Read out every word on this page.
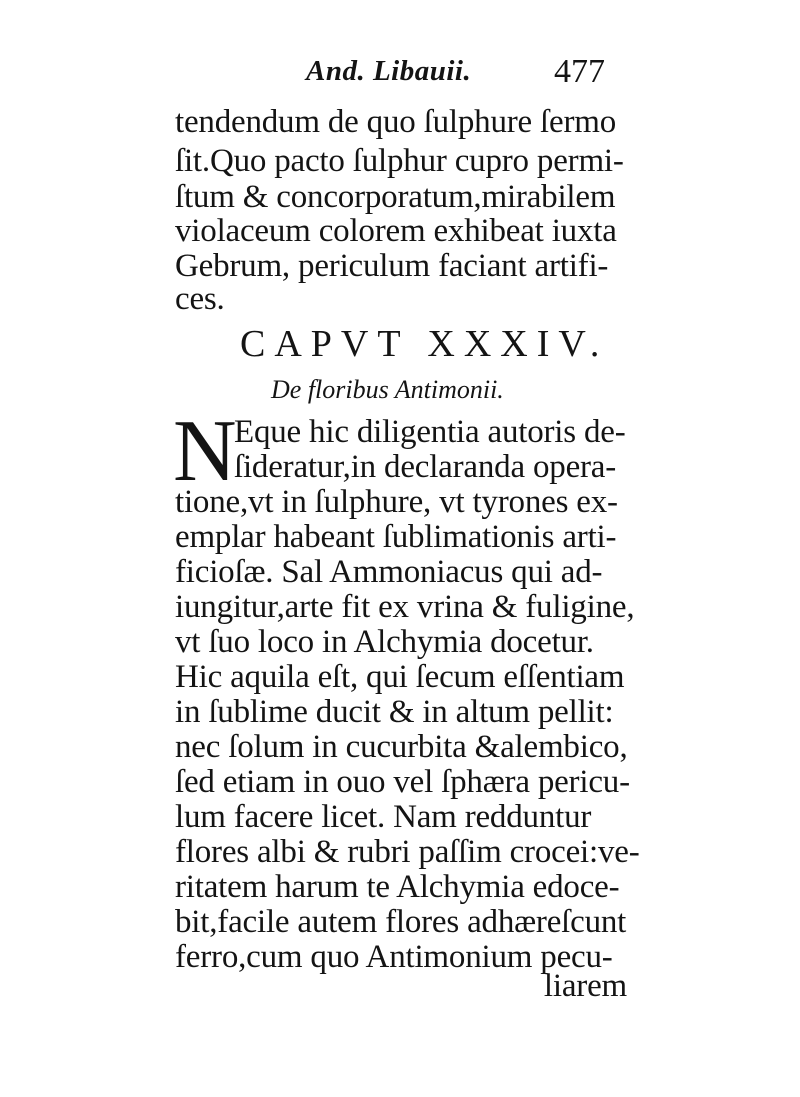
And. Libauii. 477
tendendum de quo ſulphure ſermo
ſit.Quo pacto ſulphur cupro permi-
ſtum & concorporatum,mirabilem
violaceum colorem exhibeat iuxta
Gebrum, periculum faciant artifi-
ces.
CAPVT XXXIV.
De floribus Antimonii.
N
Eque hic diligentia autoris de-
ſideratur,in declaranda opera-
tione,vt in ſulphure, vt tyrones ex-
emplar habeant ſublimationis arti-
ficioſæ. Sal Ammoniacus qui ad-
iungitur,arte fit ex vrina & fuligine,
vt ſuo loco in Alchymia docetur.
Hic aquila eſt, qui ſecum eſſentiam
in ſublime ducit & in altum pellit:
nec ſolum in cucurbita &alembico,
ſed etiam in ouo vel ſphæra pericu-
lum facere licet. Nam redduntur
flores albi & rubri paſſim crocei:ve-
ritatem harum te Alchymia edoce-
bit,facile autem flores adhæreſcunt
ferro,cum quo Antimonium pecu-
liarem
